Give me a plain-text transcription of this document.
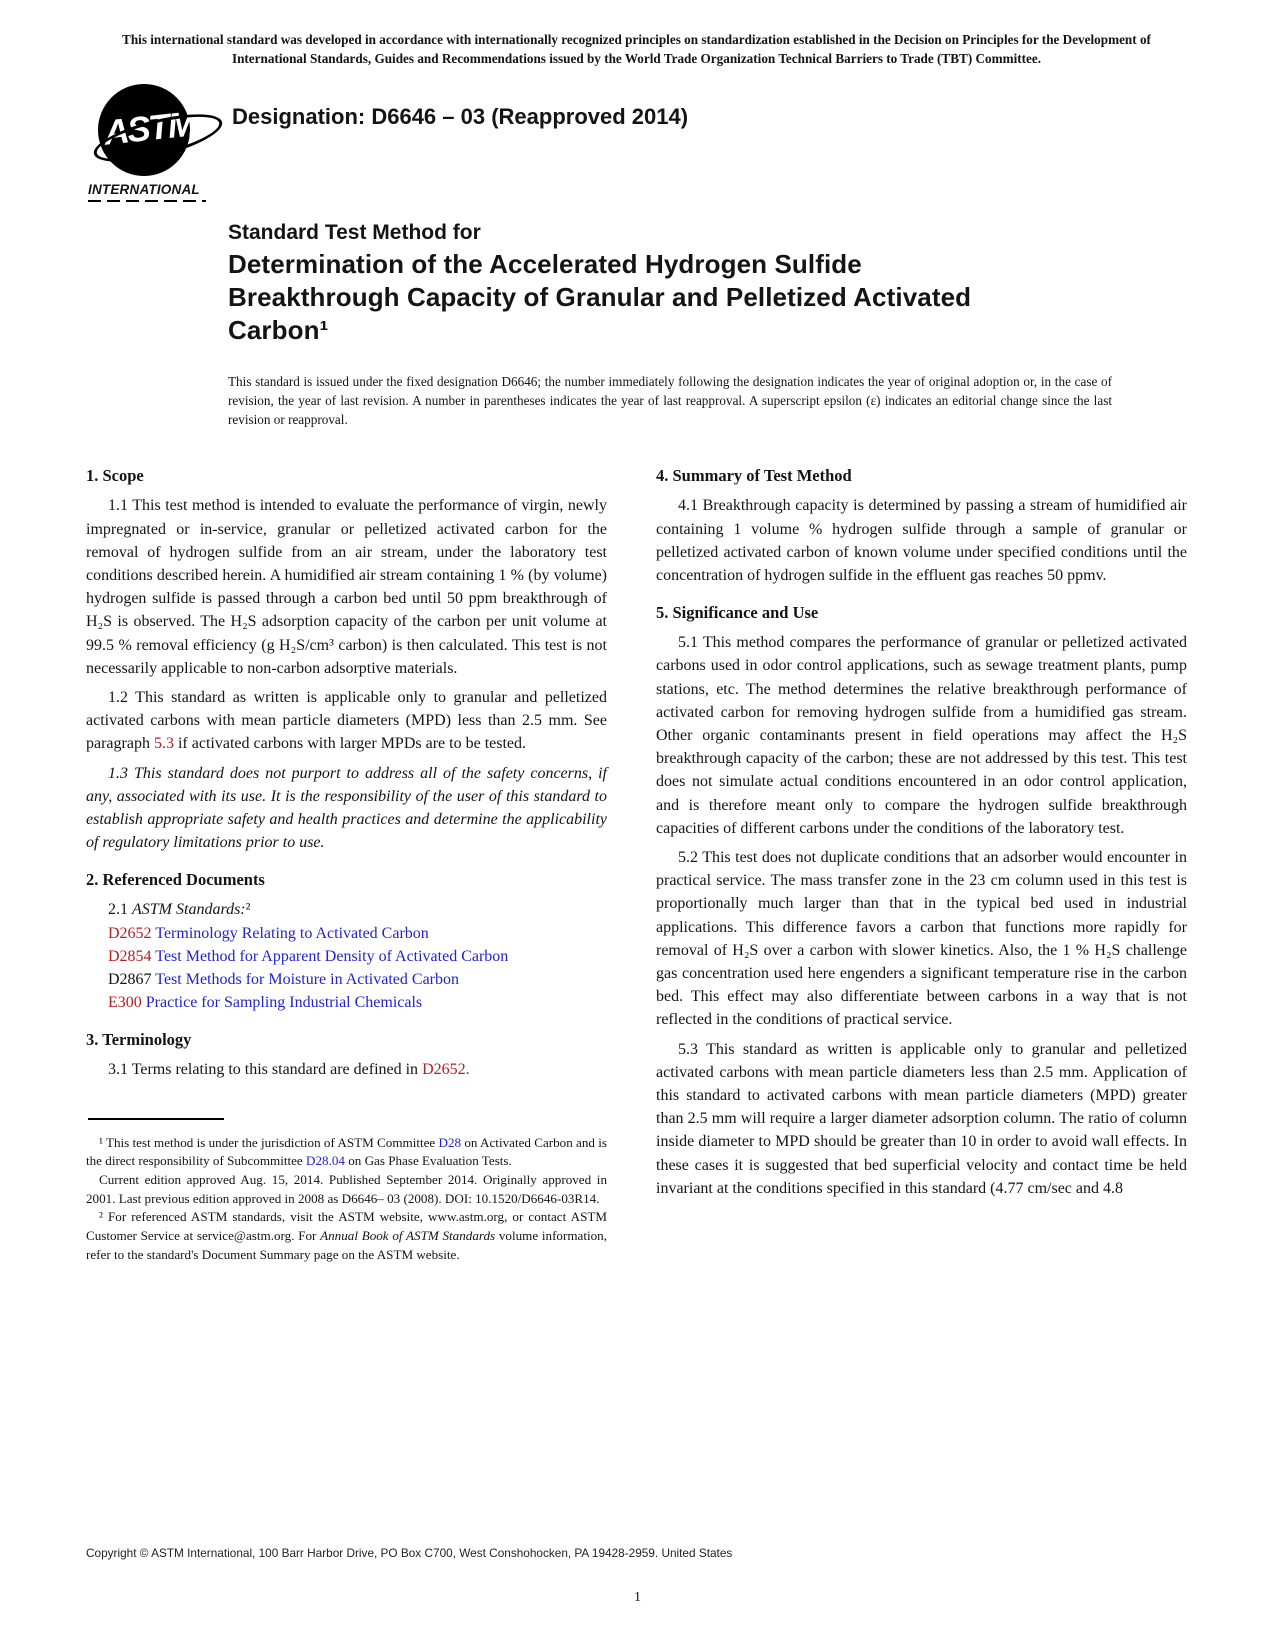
This international standard was developed in accordance with internationally recognized principles on standardization established in the Decision on Principles for the Development of International Standards, Guides and Recommendations issued by the World Trade Organization Technical Barriers to Trade (TBT) Committee.
ASTM
INTERNATIONAL
Designation: D6646 – 03 (Reapproved 2014)
Standard Test Method for
Determination of the Accelerated Hydrogen Sulfide
Breakthrough Capacity of Granular and Pelletized Activated
Carbon¹
This standard is issued under the fixed designation D6646; the number immediately following the designation indicates the year of original adoption or, in the case of revision, the year of last revision. A number in parentheses indicates the year of last reapproval. A superscript epsilon (ε) indicates an editorial change since the last revision or reapproval.
1. Scope

1.1 This test method is intended to evaluate the performance of virgin, newly impregnated or in-service, granular or pelletized activated carbon for the removal of hydrogen sulfide from an air stream, under the laboratory test conditions described herein. A humidified air stream containing 1 % (by volume) hydrogen sulfide is passed through a carbon bed until 50 ppm breakthrough of H₂S is observed. The H₂S adsorption capacity of the carbon per unit volume at 99.5 % removal efficiency (g H₂S/cm³ carbon) is then calculated. This test is not necessarily applicable to non-carbon adsorptive materials.

1.2 This standard as written is applicable only to granular and pelletized activated carbons with mean particle diameters (MPD) less than 2.5 mm. See paragraph 5.3 if activated carbons with larger MPDs are to be tested.

1.3 This standard does not purport to address all of the safety concerns, if any, associated with its use. It is the responsibility of the user of this standard to establish appropriate safety and health practices and determine the applicability of regulatory limitations prior to use.

2. Referenced Documents

2.1 ASTM Standards:²

D2652 Terminology Relating to Activated Carbon

D2854 Test Method for Apparent Density of Activated Carbon

D2867 Test Methods for Moisture in Activated Carbon

E300 Practice for Sampling Industrial Chemicals

3. Terminology

3.1 Terms relating to this standard are defined in D2652.

¹ This test method is under the jurisdiction of ASTM Committee D28 on Activated Carbon and is the direct responsibility of Subcommittee D28.04 on Gas Phase Evaluation Tests.

Current edition approved Aug. 15, 2014. Published September 2014. Originally approved in 2001. Last previous edition approved in 2008 as D6646– 03 (2008). DOI: 10.1520/D6646-03R14.

² For referenced ASTM standards, visit the ASTM website, www.astm.org, or contact ASTM Customer Service at service@astm.org. For Annual Book of ASTM Standards volume information, refer to the standard's Document Summary page on the ASTM website.

4. Summary of Test Method

4.1 Breakthrough capacity is determined by passing a stream of humidified air containing 1 volume % hydrogen sulfide through a sample of granular or pelletized activated carbon of known volume under specified conditions until the concentration of hydrogen sulfide in the effluent gas reaches 50 ppmv.

5. Significance and Use

5.1 This method compares the performance of granular or pelletized activated carbons used in odor control applications, such as sewage treatment plants, pump stations, etc. The method determines the relative breakthrough performance of activated carbon for removing hydrogen sulfide from a humidified gas stream. Other organic contaminants present in field operations may affect the H₂S breakthrough capacity of the carbon; these are not addressed by this test. This test does not simulate actual conditions encountered in an odor control application, and is therefore meant only to compare the hydrogen sulfide breakthrough capacities of different carbons under the conditions of the laboratory test.

5.2 This test does not duplicate conditions that an adsorber would encounter in practical service. The mass transfer zone in the 23 cm column used in this test is proportionally much larger than that in the typical bed used in industrial applications. This difference favors a carbon that functions more rapidly for removal of H₂S over a carbon with slower kinetics. Also, the 1 % H₂S challenge gas concentration used here engenders a significant temperature rise in the carbon bed. This effect may also differentiate between carbons in a way that is not reflected in the conditions of practical service.

5.3 This standard as written is applicable only to granular and pelletized activated carbons with mean particle diameters less than 2.5 mm. Application of this standard to activated carbons with mean particle diameters (MPD) greater than 2.5 mm will require a larger diameter adsorption column. The ratio of column inside diameter to MPD should be greater than 10 in order to avoid wall effects. In these cases it is suggested that bed superficial velocity and contact time be held invariant at the conditions specified in this standard (4.77 cm/sec and 4.8

Copyright © ASTM International, 100 Barr Harbor Drive, PO Box C700, West Conshohocken, PA 19428-2959. United States
1
